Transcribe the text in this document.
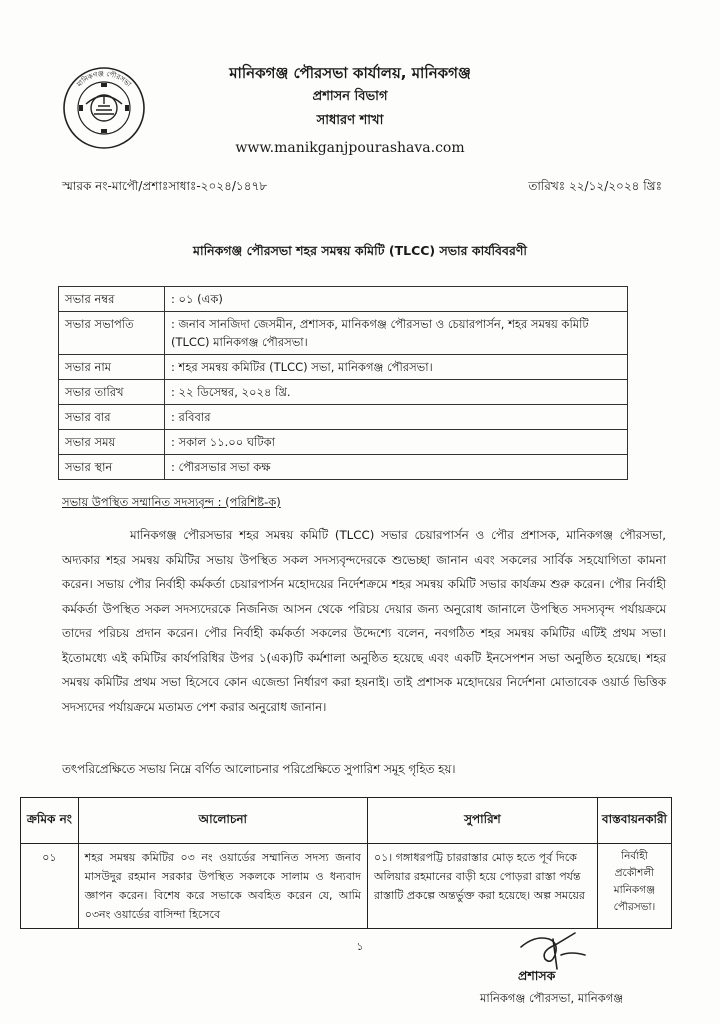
মানিকগঞ্জ পৌরসভা
মানিকগঞ্জ পৌরসভা কার্যালয়, মানিকগঞ্জ
প্রশাসন বিভাগ
সাধারণ শাখা
www.manikganjpourashava.com
স্মারক নং-মাপৌ/প্রশাঃসাধাঃ-২০২৪/১৪৭৮	তারিখঃ ২২/১২/২০২৪ খ্রিঃ
মানিকগঞ্জ পৌরসভা শহর সমন্বয় কমিটি (TLCC) সভার কার্যবিবরণী
সভার নম্বর	: ০১ (এক)
সভার সভাপতি	: জনাব সানজিদা জেসমীন, প্রশাসক, মানিকগঞ্জ পৌরসভা ও চেয়ারপার্সন, শহর সমন্বয় কমিটি (TLCC) মানিকগঞ্জ পৌরসভা।
সভার নাম	: শহর সমন্বয় কমিটির (TLCC) সভা, মানিকগঞ্জ পৌরসভা।
সভার তারিখ	: ২২ ডিসেম্বর, ২০২৪ খ্রি.
সভার বার	: রবিবার
সভার সময়	: সকাল ১১.০০ ঘটিকা
সভার স্থান	: পৌরসভার সভা কক্ষ
সভায় উপস্থিত সম্মানিত সদস্যবৃন্দ : (পরিশিষ্ট-ক)

মানিকগঞ্জ পৌরসভার শহর সমন্বয় কমিটি (TLCC) সভার চেয়ারপার্সন ও পৌর প্রশাসক, মানিকগঞ্জ পৌরসভা, অদ্যকার শহর সমন্বয় কমিটির সভায় উপস্থিত সকল সদস্যবৃন্দদেরকে শুভেচ্ছা জানান এবং সকলের সার্বিক সহযোগিতা কামনা করেন। সভায় পৌর নির্বাহী কর্মকর্তা চেয়ারপার্সন মহোদয়ের নির্দেশক্রমে শহর সমন্বয় কমিটি সভার কার্যক্রম শুরু করেন। পৌর নির্বাহী কর্মকর্তা উপস্থিত সকল সদস্যদেরকে নিজনিজ আসন থেকে পরিচয় দেয়ার জন্য অনুরোধ জানালে উপস্থিত সদস্যবৃন্দ পর্যায়ক্রমে তাদের পরিচয় প্রদান করেন। পৌর নির্বাহী কর্মকর্তা সকলের উদ্দেশ্যে বলেন, নবগঠিত শহর সমন্বয় কমিটির এটিই প্রথম সভা। ইতোমধ্যে এই কমিটির কার্যপরিধির উপর ১(এক)টি কর্মশালা অনুষ্ঠিত হয়েছে এবং একটি ইনসেপশন সভা অনুষ্ঠিত হয়েছে। শহর সমন্বয় কমিটির প্রথম সভা হিসেবে কোন এজেন্ডা নির্ধারণ করা হয়নাই। তাই প্রশাসক মহোদয়ের নির্দেশনা মোতাবেক ওয়ার্ড ভিত্তিক সদস্যদের পর্যায়ক্রমে মতামত পেশ করার অনুরোধ জানান।

তৎপরিপ্রেক্ষিতে সভায় নিম্নে বর্ণিত আলোচনার পরিপ্রেক্ষিতে সুপারিশ সমূহ গৃহিত হয়।

ক্রমিক নং	আলোচনা	সুপারিশ	বাস্তবায়নকারী
০১	শহর সমন্বয় কমিটির ০৩ নং ওয়ার্ডের সম্মানিত সদস্য জনাব মাসউদুর রহমান সরকার উপস্থিত সকলকে সালাম ও ধন্যবাদ জ্ঞাপন করেন। বিশেষ করে সভাকে অবহিত করেন যে, আমি ০৩নং ওয়ার্ডের বাসিন্দা হিসেবে	০১। গঙ্গাধরপট্টি চাররাস্তার মোড় হতে পূর্ব দিকে অলিয়ার রহমানের বাড়ী হয়ে পোড়রা রাস্তা পর্যন্ত রাস্তাটি প্রকল্পে অন্তর্ভুক্ত করা হয়েছে। অল্প সময়ের	নির্বাহী প্রকৌশলী মানিকগঞ্জ পৌরসভা।
১
প্রশাসক
মানিকগঞ্জ পৌরসভা, মানিকগঞ্জ
